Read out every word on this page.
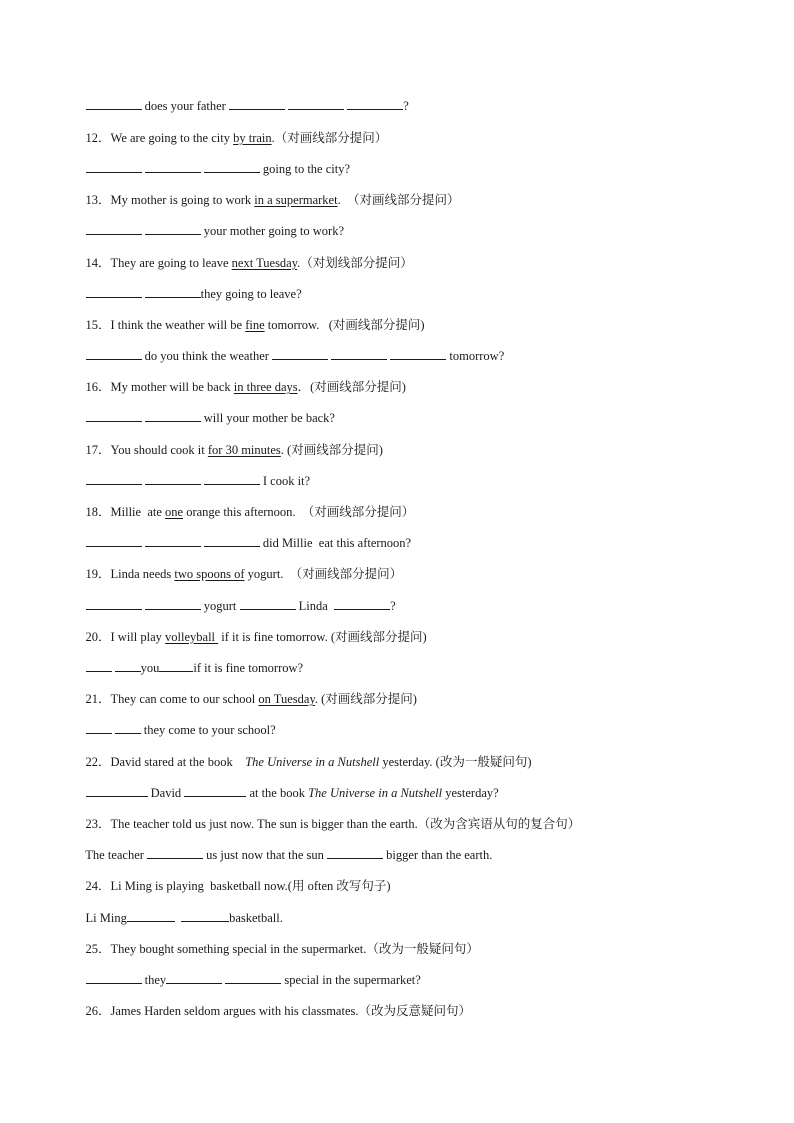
does your father	?

12．We are going to the city by train.（对画线部分提问）

going to the city?

13．My mother is going to work in a supermarket.  （对画线部分提问）

your mother going to work?

14．They are going to leave next Tuesday.（对划线部分提问）

they going to leave?

15．I think the weather will be fine tomorrow.   (对画线部分提问)

do you think the weather	tomorrow?

16．My mother will be back in three days．(对画线部分提问)

will your mother be back?

17．You should cook it for 30 minutes. (对画线部分提问)

I cook it?

18．Millie  ate one orange this afternoon.  （对画线部分提问）

did Millie  eat this afternoon?

19．Linda needs two spoons of yogurt.  （对画线部分提问）

yogurt	Linda	?

20．I will play volleyball  if it is fine tomorrow. (对画线部分提问)

you	if it is fine tomorrow?

21．They can come to our school on Tuesday. (对画线部分提问)

they come to your school?

22．David stared at the book    The Universe in a Nutshell yesterday. (改为一般疑问句)

David	at the book The Universe in a Nutshell yesterday?

23．The teacher told us just now. The sun is bigger than the earth.（改为含宾语从句的复合句）

The teacher	us just now that the sun	bigger than the earth.

24．Li Ming is playing  basketball now.(用 often 改写句子)

Li Ming	basketball.

25．They bought something special in the supermarket.（改为一般疑问句）

they	special in the supermarket?

26．James Harden seldom argues with his classmates.（改为反意疑问句）
